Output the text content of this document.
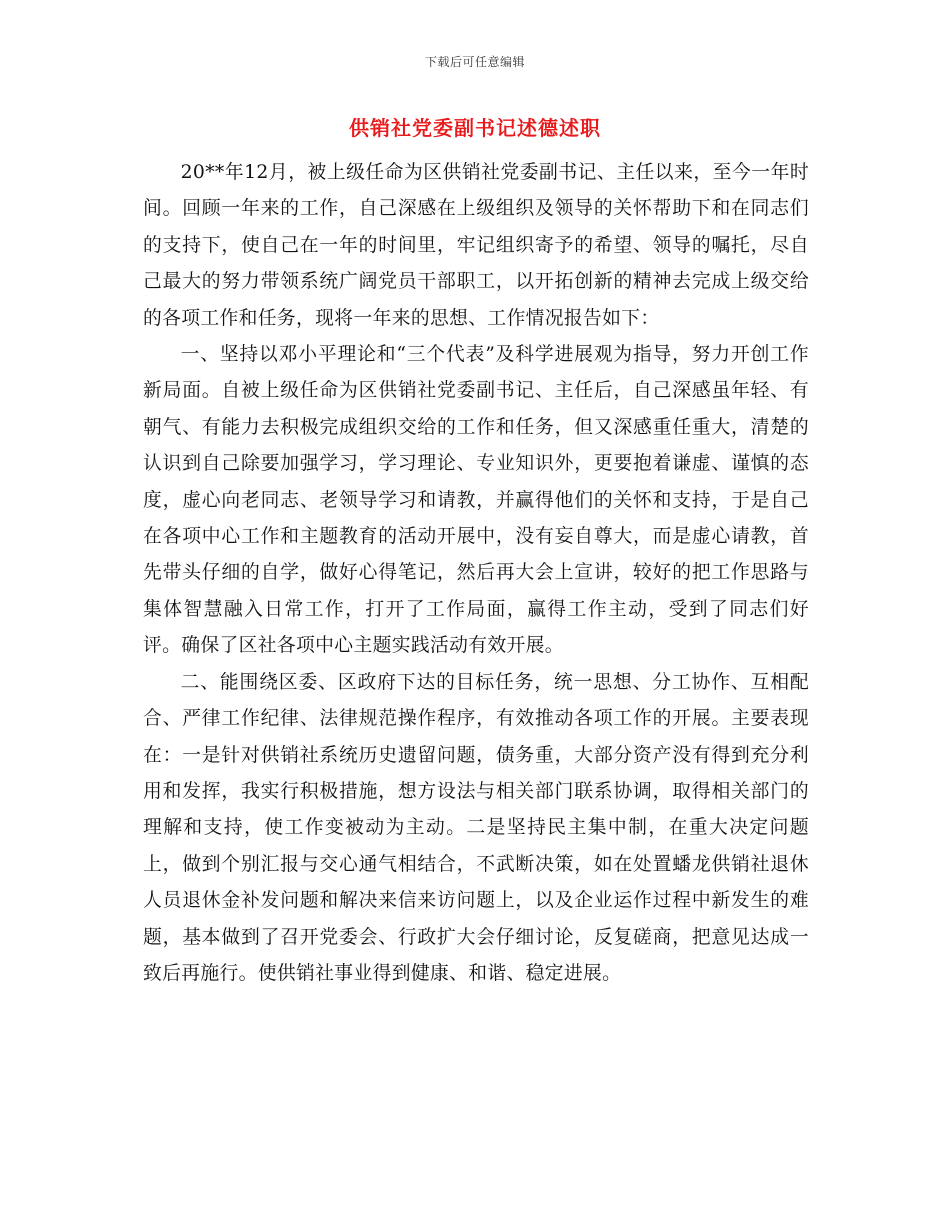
下载后可任意编辑
供销社党委副书记述德述职

20**年12月，被上级任命为区供销社党委副书记、主任以来，至今一年时间。回顾一年来的工作，自己深感在上级组织及领导的关怀帮助下和在同志们的支持下，使自己在一年的时间里，牢记组织寄予的希望、领导的嘱托，尽自己最大的努力带领系统广阔党员干部职工，以开拓创新的精神去完成上级交给的各项工作和任务，现将一年来的思想、工作情况报告如下：

一、坚持以邓小平理论和“三个代表”及科学进展观为指导，努力开创工作新局面。自被上级任命为区供销社党委副书记、主任后，自己深感虽年轻、有朝气、有能力去积极完成组织交给的工作和任务，但又深感重任重大，清楚的认识到自己除要加强学习，学习理论、专业知识外，更要抱着谦虚、谨慎的态度，虚心向老同志、老领导学习和请教，并赢得他们的关怀和支持，于是自己在各项中心工作和主题教育的活动开展中，没有妄自尊大，而是虚心请教，首先带头仔细的自学，做好心得笔记，然后再大会上宣讲，较好的把工作思路与集体智慧融入日常工作，打开了工作局面，赢得工作主动，受到了同志们好评。确保了区社各项中心主题实践活动有效开展。

二、能围绕区委、区政府下达的目标任务，统一思想、分工协作、互相配合、严律工作纪律、法律规范操作程序，有效推动各项工作的开展。主要表现在：一是针对供销社系统历史遗留问题，债务重，大部分资产没有得到充分利用和发挥，我实行积极措施，想方设法与相关部门联系协调，取得相关部门的理解和支持，使工作变被动为主动。二是坚持民主集中制，在重大决定问题上，做到个别汇报与交心通气相结合，不武断决策，如在处置蟠龙供销社退休人员退休金补发问题和解决来信来访问题上，以及企业运作过程中新发生的难题，基本做到了召开党委会、行政扩大会仔细讨论，反复磋商，把意见达成一致后再施行。使供销社事业得到健康、和谐、稳定进展。
